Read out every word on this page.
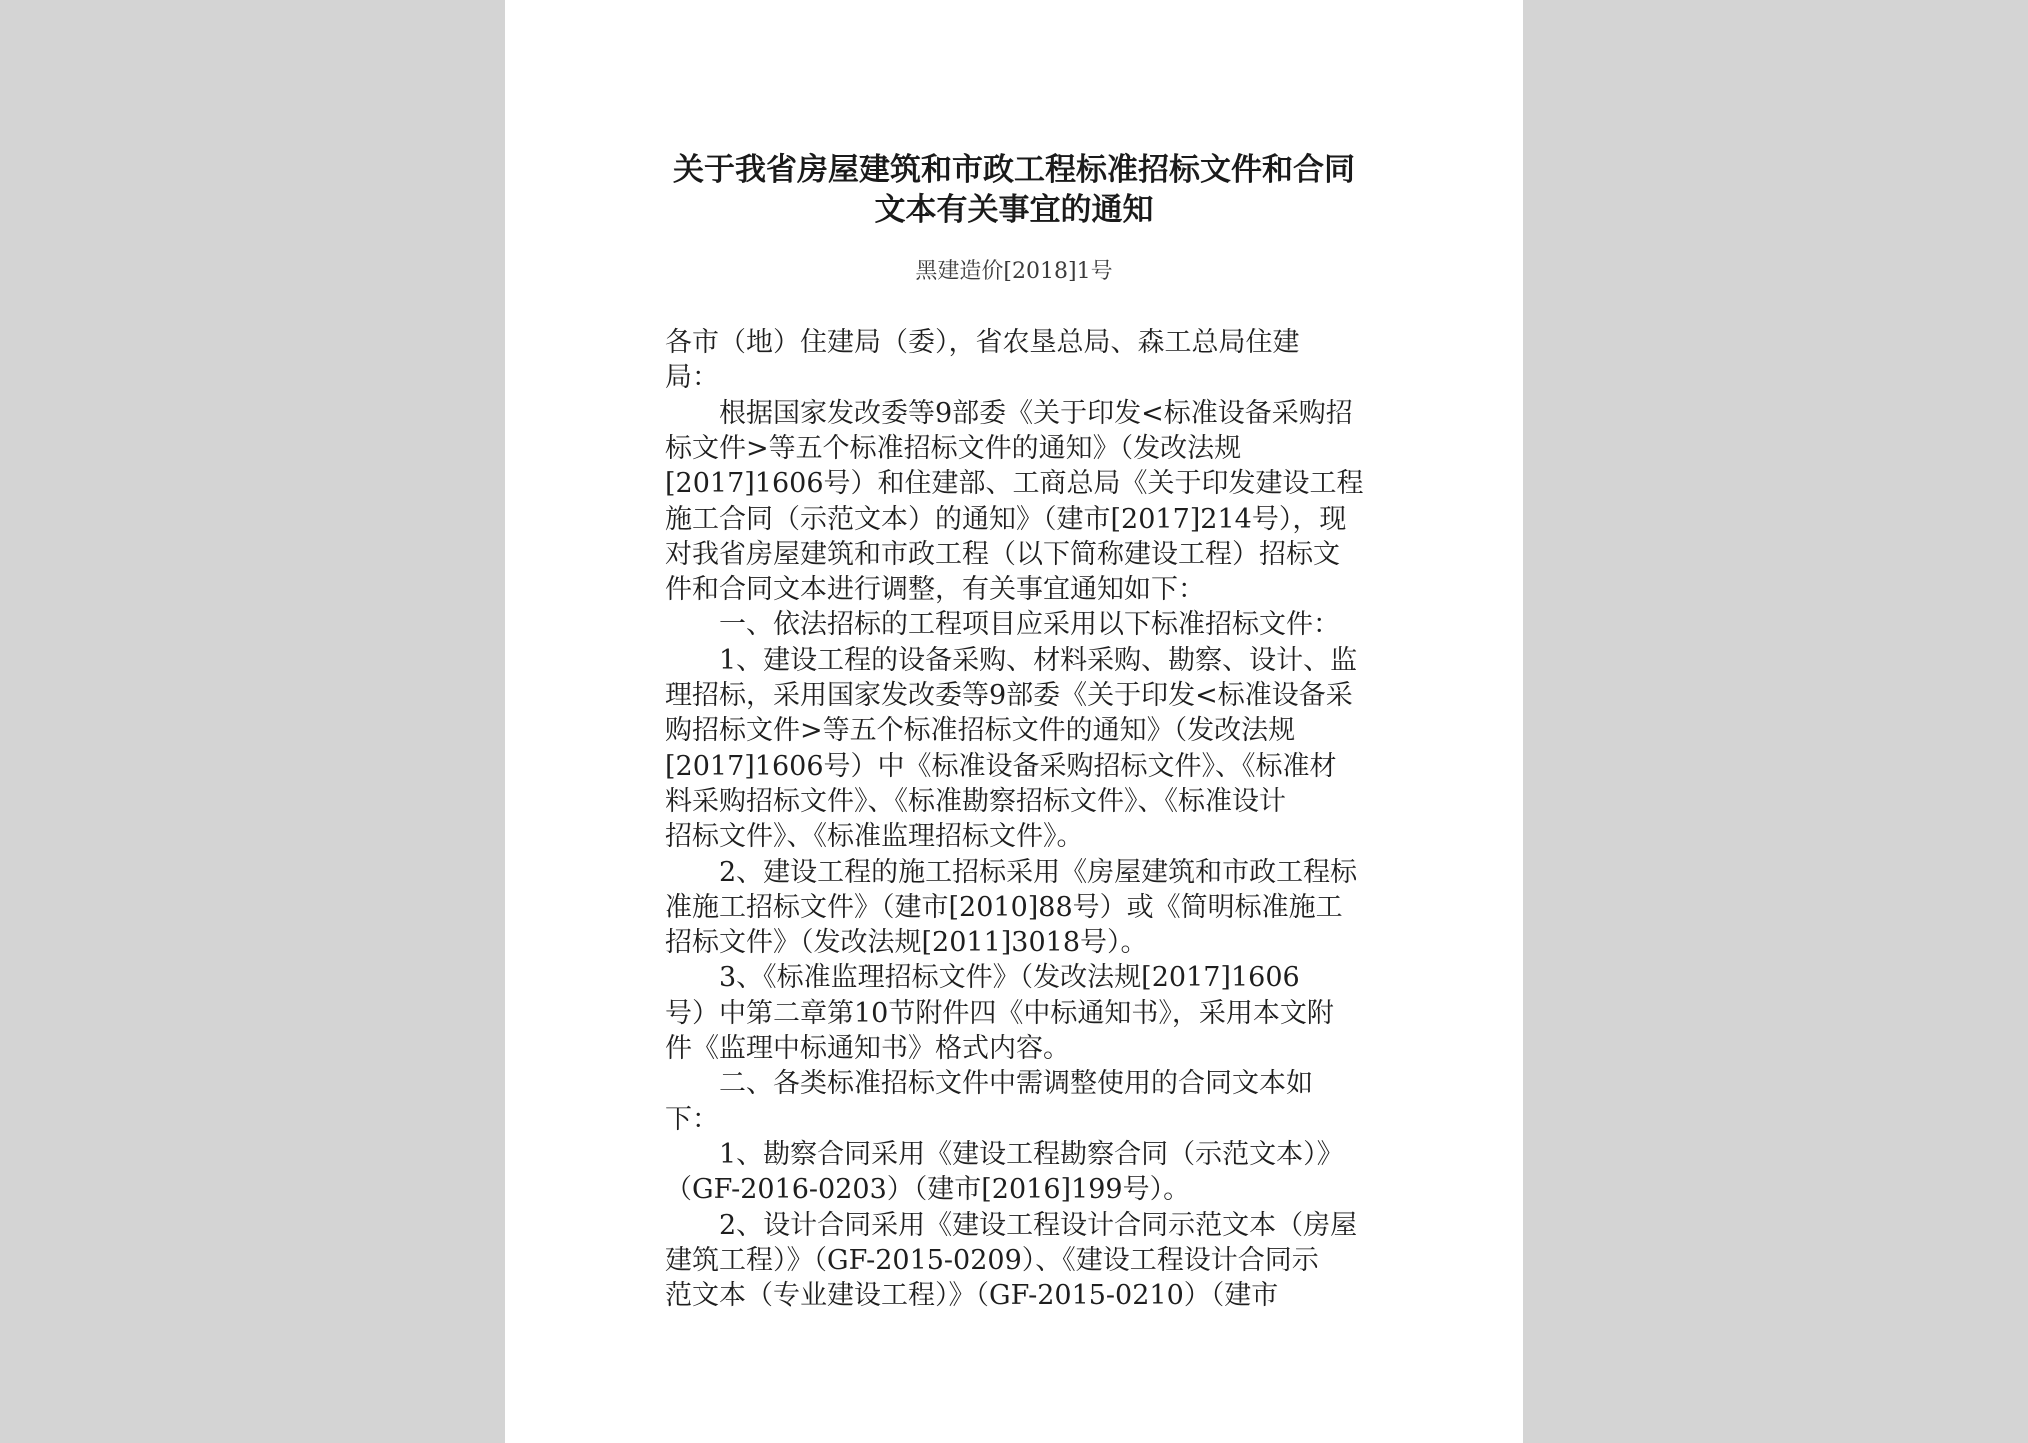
关于我省房屋建筑和市政工程标准招标文件和合同
文本有关事宜的通知
黑建造价[2018]1号
各市（地）住建局（委），省农垦总局、森工总局住建
局：
　　根据国家发改委等9部委《关于印发<标准设备采购招
标文件>等五个标准招标文件的通知》（发改法规
[2017]1606号）和住建部、工商总局《关于印发建设工程
施工合同（示范文本）的通知》（建市[2017]214号），现
对我省房屋建筑和市政工程（以下简称建设工程）招标文
件和合同文本进行调整，有关事宜通知如下：
　　一、依法招标的工程项目应采用以下标准招标文件：
　　1、建设工程的设备采购、材料采购、勘察、设计、监
理招标，采用国家发改委等9部委《关于印发<标准设备采
购招标文件>等五个标准招标文件的通知》（发改法规
[2017]1606号）中《标准设备采购招标文件》、《标准材
料采购招标文件》、《标准勘察招标文件》、《标准设计
招标文件》、《标准监理招标文件》。
　　2、建设工程的施工招标采用《房屋建筑和市政工程标
准施工招标文件》（建市[2010]88号）或《简明标准施工
招标文件》（发改法规[2011]3018号）。
　　3、《标准监理招标文件》（发改法规[2017]1606
号）中第二章第10节附件四《中标通知书》，采用本文附
件《监理中标通知书》格式内容。
　　二、各类标准招标文件中需调整使用的合同文本如
下：
　　1、勘察合同采用《建设工程勘察合同（示范文本）》
（GF-2016-0203）（建市[2016]199号）。
　　2、设计合同采用《建设工程设计合同示范文本（房屋
建筑工程）》（GF-2015-0209）、《建设工程设计合同示
范文本（专业建设工程）》（GF-2015-0210）（建市
